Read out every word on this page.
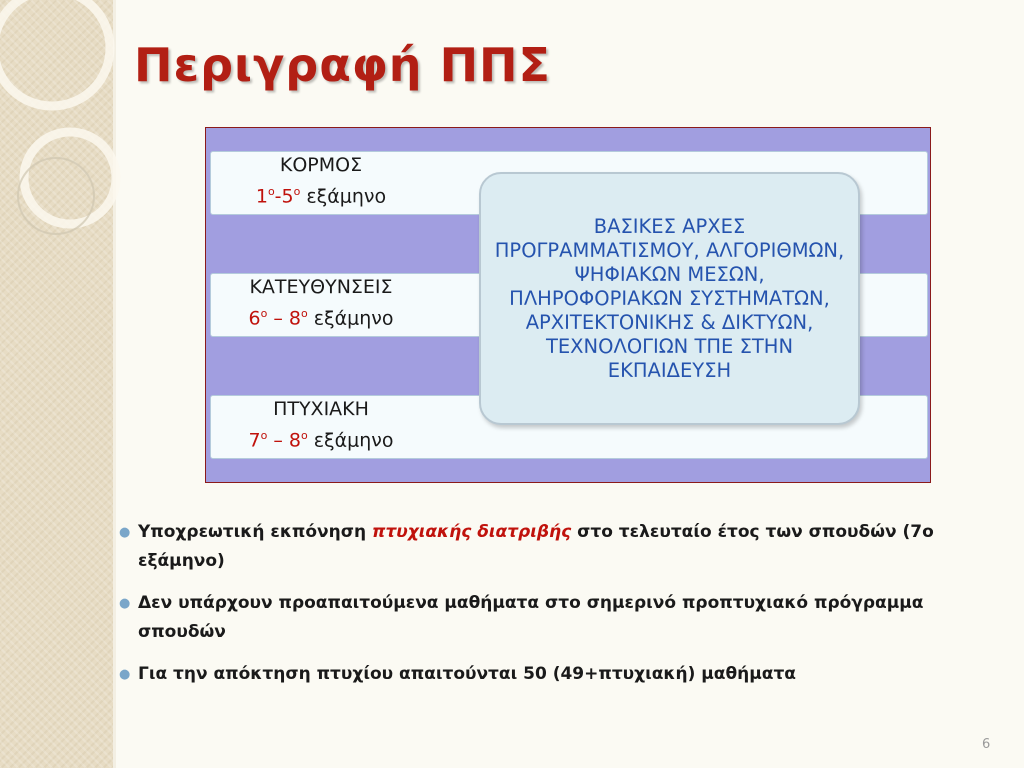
Περιγραφή ΠΠΣ
ΚΟΡΜΟΣ
$1^o-5^o$ εξάμηνο
ΚΑΤΕΥΘΥΝΣΕΙΣ
$6^o - 8^o$ εξάμηνο
ΠΤΥΧΙΑΚΗ
$7^o - 8^o$ εξάμηνο
ΒΑΣΙΚΕΣ ΑΡΧΕΣ ΠΡΟΓΡΑΜΜΑΤΙΣΜΟΥ, ΑΛΓΟΡΙΘΜΩΝ, ΨΗΦΙΑΚΩΝ ΜΕΣΩΝ, ΠΛΗΡΟΦΟΡΙΑΚΩΝ ΣΥΣΤΗΜΑΤΩΝ, ΑΡΧΙΤΕΚΤΟΝΙΚΗΣ & ΔΙΚΤΥΩΝ, ΤΕΧΝΟΛΟΓΙΩΝ ΤΠΕ ΣΤΗΝ ΕΚΠΑΙΔΕΥΣΗ
● Υποχρεωτική εκπόνηση πτυχιακής διατριβής στο τελευταίο έτος των σπουδών (7ο εξάμηνο)
● Δεν υπάρχουν προαπαιτούμενα μαθήματα στο σημερινό προπτυχιακό πρόγραμμα σπουδών
● Για την απόκτηση πτυχίου απαιτούνται 50 (49+πτυχιακή) μαθήματα
6
